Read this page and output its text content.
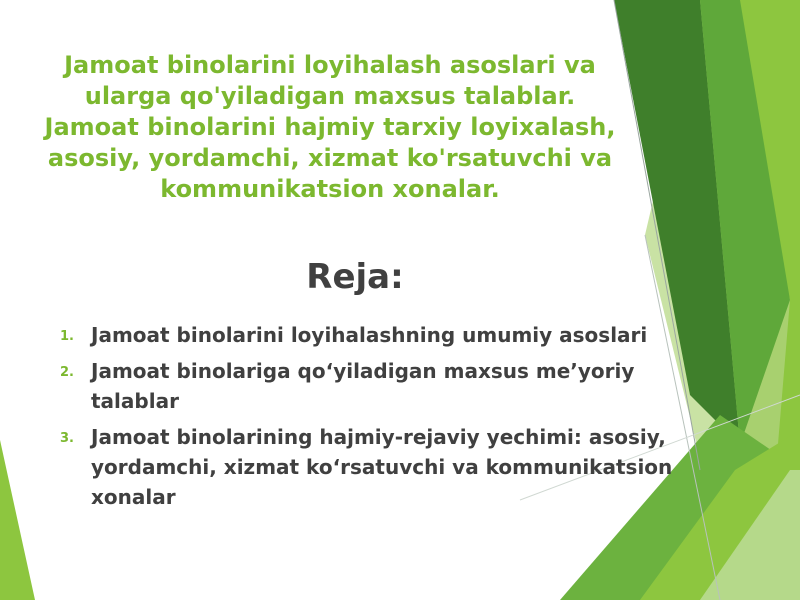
Jamoat binolarini loyihalash asoslari va ularga qo'yiladigan maxsus talablar. Jamoat binolarini hajmiy tarxiy loyixalash, asosiy, yordamchi, xizmat ko'rsatuvchi va kommunikatsion xonalar.
Reja:
1. Jamoat binolarini loyihalashning umumiy asoslari
2. Jamoat binolariga qo‘yiladigan maxsus me’yoriy talablar
3. Jamoat binolarining hajmiy-rejaviy yechimi: asosiy, yordamchi, xizmat ko‘rsatuvchi va kommunikatsion xonalar
